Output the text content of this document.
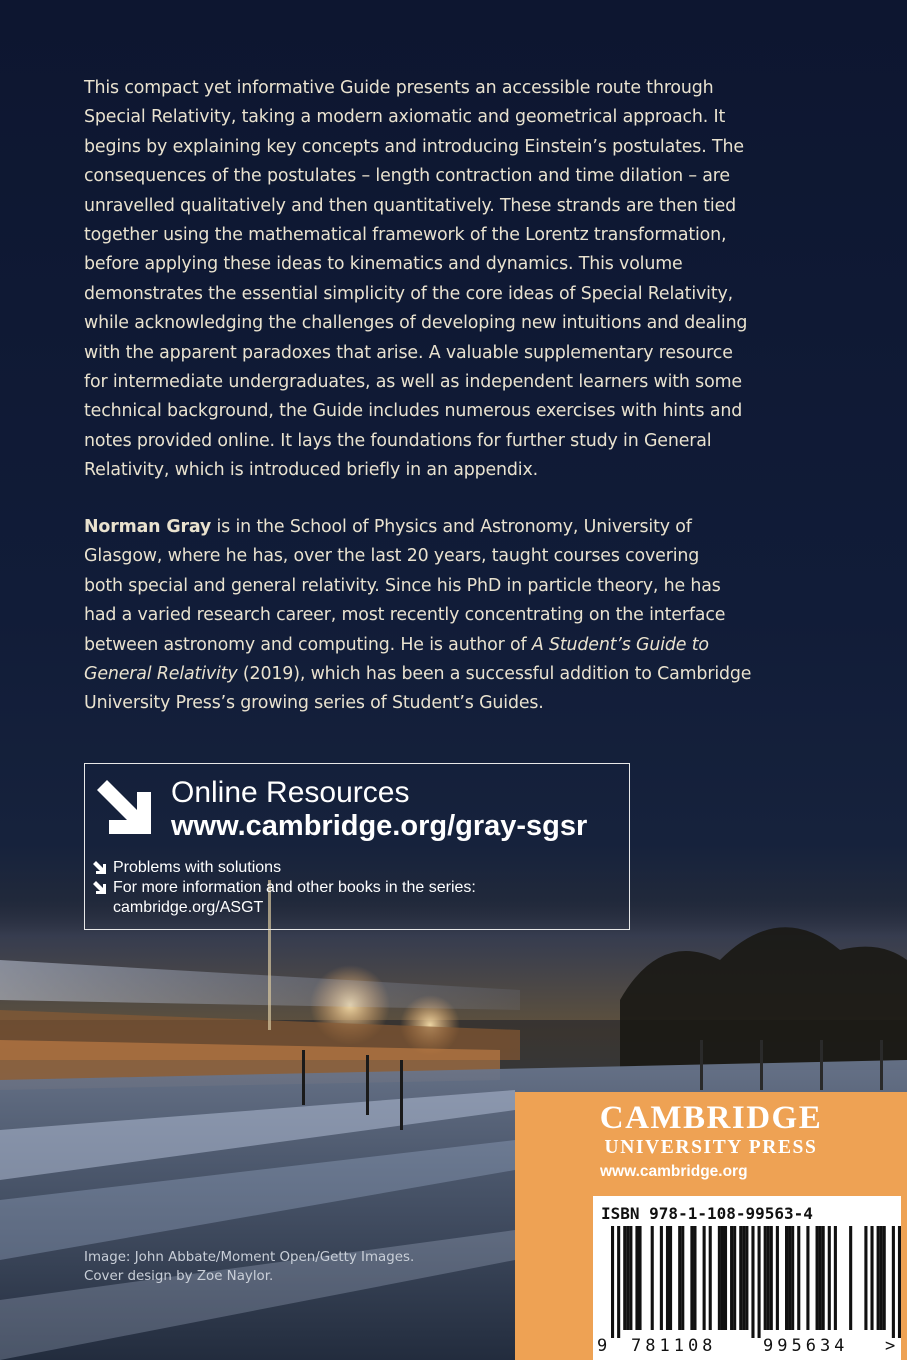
This compact yet informative Guide presents an accessible route through

Special Relativity, taking a modern axiomatic and geometrical approach. It

begins by explaining key concepts and introducing Einstein’s postulates. The

consequences of the postulates – length contraction and time dilation – are

unravelled qualitatively and then quantitatively. These strands are then tied

together using the mathematical framework of the Lorentz transformation,

before applying these ideas to kinematics and dynamics. This volume

demonstrates the essential simplicity of the core ideas of Special Relativity,

while acknowledging the challenges of developing new intuitions and dealing

with the apparent paradoxes that arise. A valuable supplementary resource

for intermediate undergraduates, as well as independent learners with some

technical background, the Guide includes numerous exercises with hints and

notes provided online. It lays the foundations for further study in General

Relativity, which is introduced briefly in an appendix.

Norman Gray is in the School of Physics and Astronomy, University of

Glasgow, where he has, over the last 20 years, taught courses covering

both special and general relativity. Since his PhD in particle theory, he has

had a varied research career, most recently concentrating on the interface

between astronomy and computing. He is author of A Student’s Guide to

General Relativity (2019), which has been a successful addition to Cambridge

University Press’s growing series of Student’s Guides.

Online Resources
www.cambridge.org/gray-sgsr
Problems with solutions
For more information and other books in the series:
cambridge.org/ASGT
Image: John Abbate/Moment Open/Getty Images.
Cover design by Zoe Naylor.
CAMBRIDGE
UNIVERSITY PRESS
www.cambridge.org
ISBN 978-1-108-99563-4
9 781108	995634 >
